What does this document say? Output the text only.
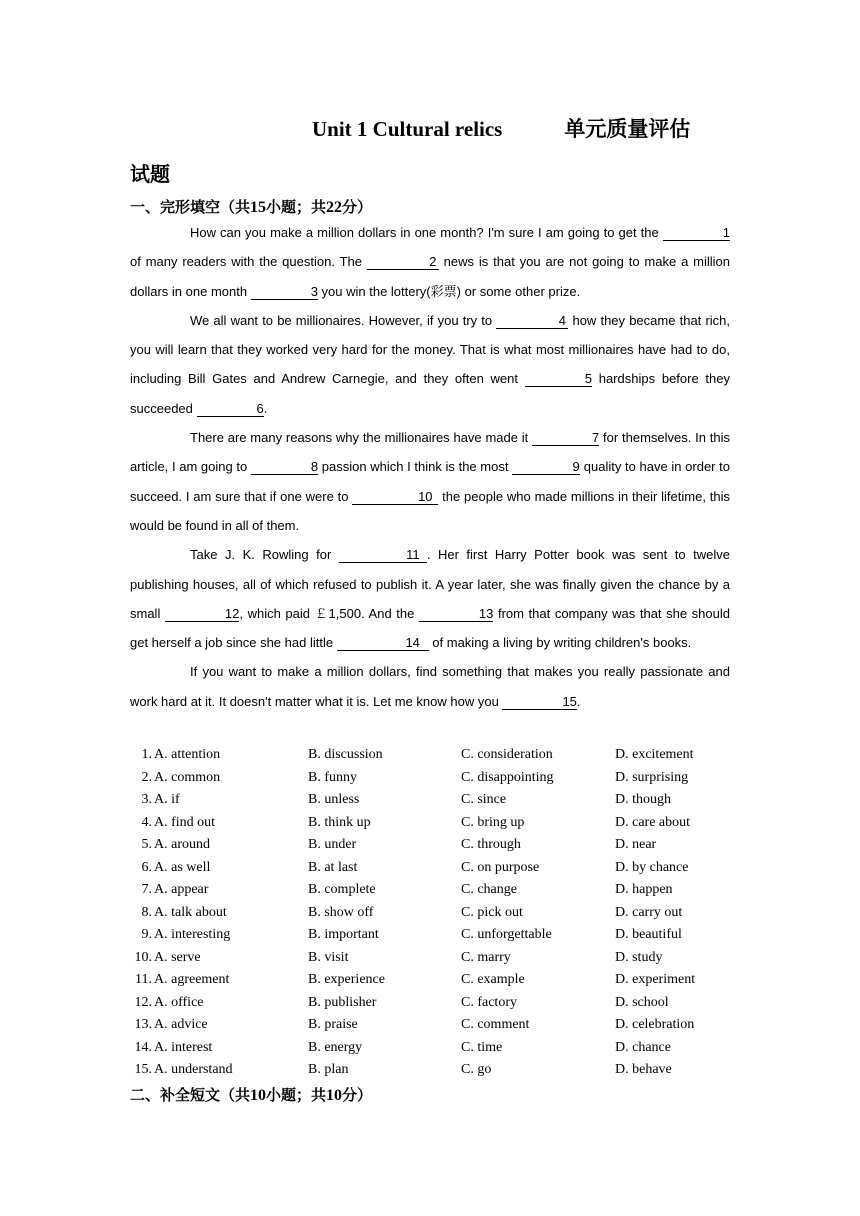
Unit 1 Cultural relics	单元质量评估
试题
一、完形填空（共15小题；共22分）

How can you make a million dollars in one month? I'm sure I am going to get the	1 of many readers with the question. The	2 news is that you are not going to make a million dollars in one month	3 you win the lottery(彩票) or some other prize.

We all want to be millionaires. However, if you try to	4 how they became that rich, you will learn that they worked very hard for the money. That is what most millionaires have had to do, including Bill Gates and Andrew Carnegie, and they often went	5 hardships before they succeeded	6.

There are many reasons why the millionaires have made it	7 for themselves. In this article, I am going to	8 passion which I think is the most	9 quality to have in order to succeed. I am sure that if one were to	10 the people who made millions in their lifetime, this would be found in all of them.

Take J. K. Rowling for	11 . Her first Harry Potter book was sent to twelve publishing houses, all of which refused to publish it. A year later, she was finally given the chance by a small	12, which paid ￡1,500. And the	13 from that company was that she should get herself a job since she had little	14 of making a living by writing children's books.

If you want to make a million dollars, find something that makes you really passionate and work hard at it. It doesn't matter what it is. Let me know how you	15.

1. A. attention	B. discussion	C. consideration	D. excitement
2. A. common	B. funny	C. disappointing	D. surprising
3. A. if	B. unless	C. since	D. though
4. A. find out	B. think up	C. bring up	D. care about
5. A. around	B. under	C. through	D. near
6. A. as well	B. at last	C. on purpose	D. by chance
7. A. appear	B. complete	C. change	D. happen
8. A. talk about	B. show off	C. pick out	D. carry out
9. A. interesting	B. important	C. unforgettable	D. beautiful
10. A. serve	B. visit	C. marry	D. study
11. A. agreement	B. experience	C. example	D. experiment
12. A. office	B. publisher	C. factory	D. school
13. A. advice	B. praise	C. comment	D. celebration
14. A. interest	B. energy	C. time	D. chance
15. A. understand	B. plan	C. go	D. behave
二、补全短文（共10小题；共10分）
